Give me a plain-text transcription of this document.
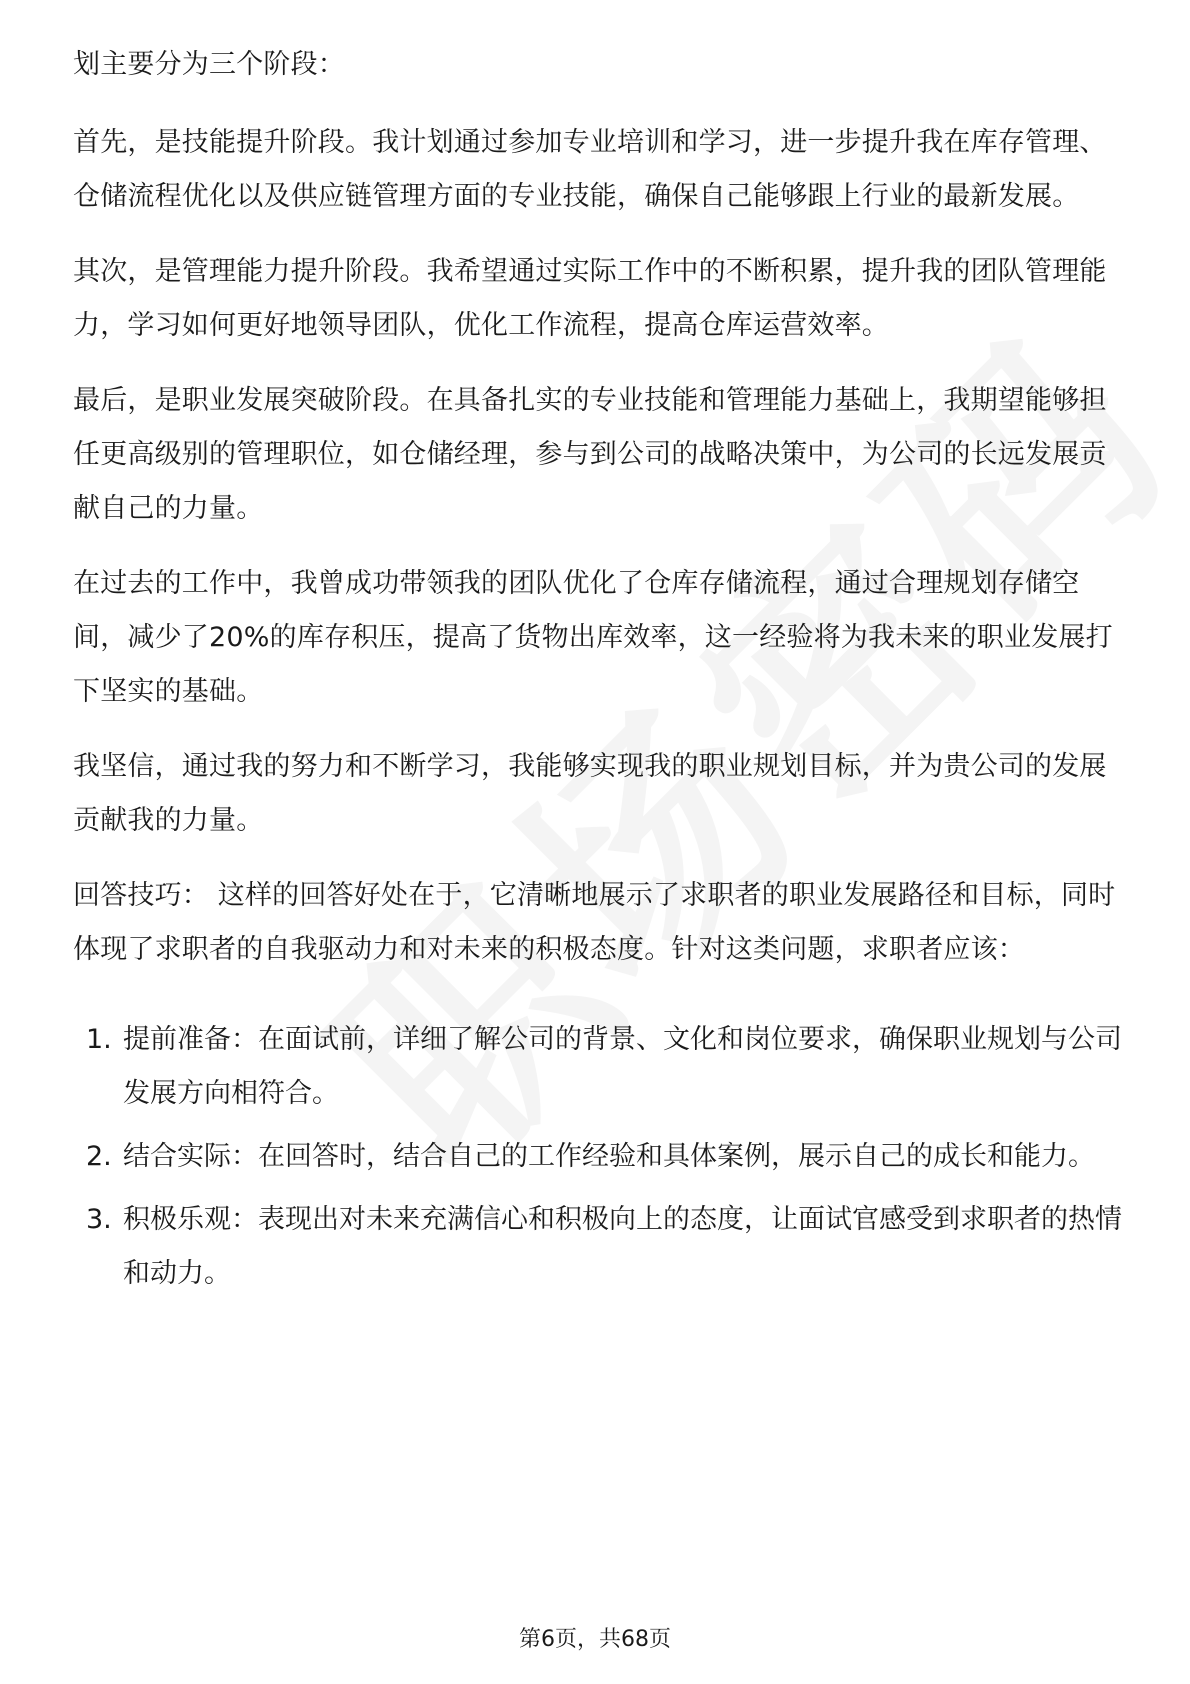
划主要分为三个阶段：

首先，是技能提升阶段。我计划通过参加专业培训和学习，进一步提升我在库存管理、仓储流程优化以及供应链管理方面的专业技能，确保自己能够跟上行业的最新发展。

其次，是管理能力提升阶段。我希望通过实际工作中的不断积累，提升我的团队管理能力，学习如何更好地领导团队，优化工作流程，提高仓库运营效率。

最后，是职业发展突破阶段。在具备扎实的专业技能和管理能力基础上，我期望能够担任更高级别的管理职位，如仓储经理，参与到公司的战略决策中，为公司的长远发展贡献自己的力量。

在过去的工作中，我曾成功带领我的团队优化了仓库存储流程，通过合理规划存储空间，减少了20%的库存积压，提高了货物出库效率，这一经验将为我未来的职业发展打下坚实的基础。

我坚信，通过我的努力和不断学习，我能够实现我的职业规划目标，并为贵公司的发展贡献我的力量。

回答技巧： 这样的回答好处在于，它清晰地展示了求职者的职业发展路径和目标，同时体现了求职者的自我驱动力和对未来的积极态度。针对这类问题，求职者应该：

1. 提前准备：在面试前，详细了解公司的背景、文化和岗位要求，确保职业规划与公司发展方向相符合。
2. 结合实际：在回答时，结合自己的工作经验和具体案例，展示自己的成长和能力。
3. 积极乐观：表现出对未来充满信心和积极向上的态度，让面试官感受到求职者的热情和动力。
第6页，共68页
